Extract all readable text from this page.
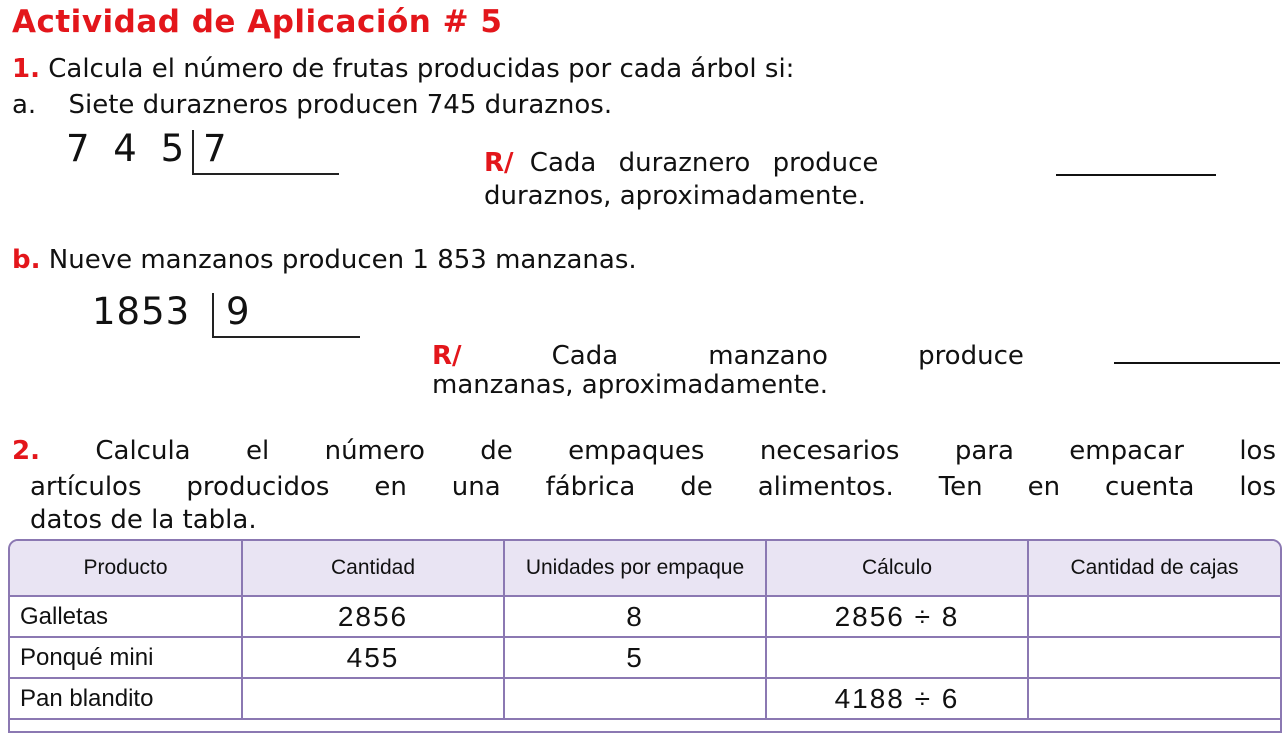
Actividad de Aplicación # 5
1. Calcula el número de frutas producidas por cada árbol si:
a. Siete durazneros producen 745 duraznos.
7 4 5 7	R/ Cada duraznero produce
duraznos, aproximadamente.
b. Nueve manzanos producen 1 853 manzanas.
1853 9
R/	Cada	manzano	produce
manzanas, aproximadamente.
2. Calcula el número de empaques necesarios para empacar los
artículos producidos en una fábrica de alimentos. Ten en cuenta los
datos de la tabla.
Producto	Cantidad	Unidades por empaque	Cálculo	Cantidad de cajas
Galletas	2856	8	2856 ÷ 8	
Ponqué mini	455	5		
Pan blandito			4188 ÷ 6	
